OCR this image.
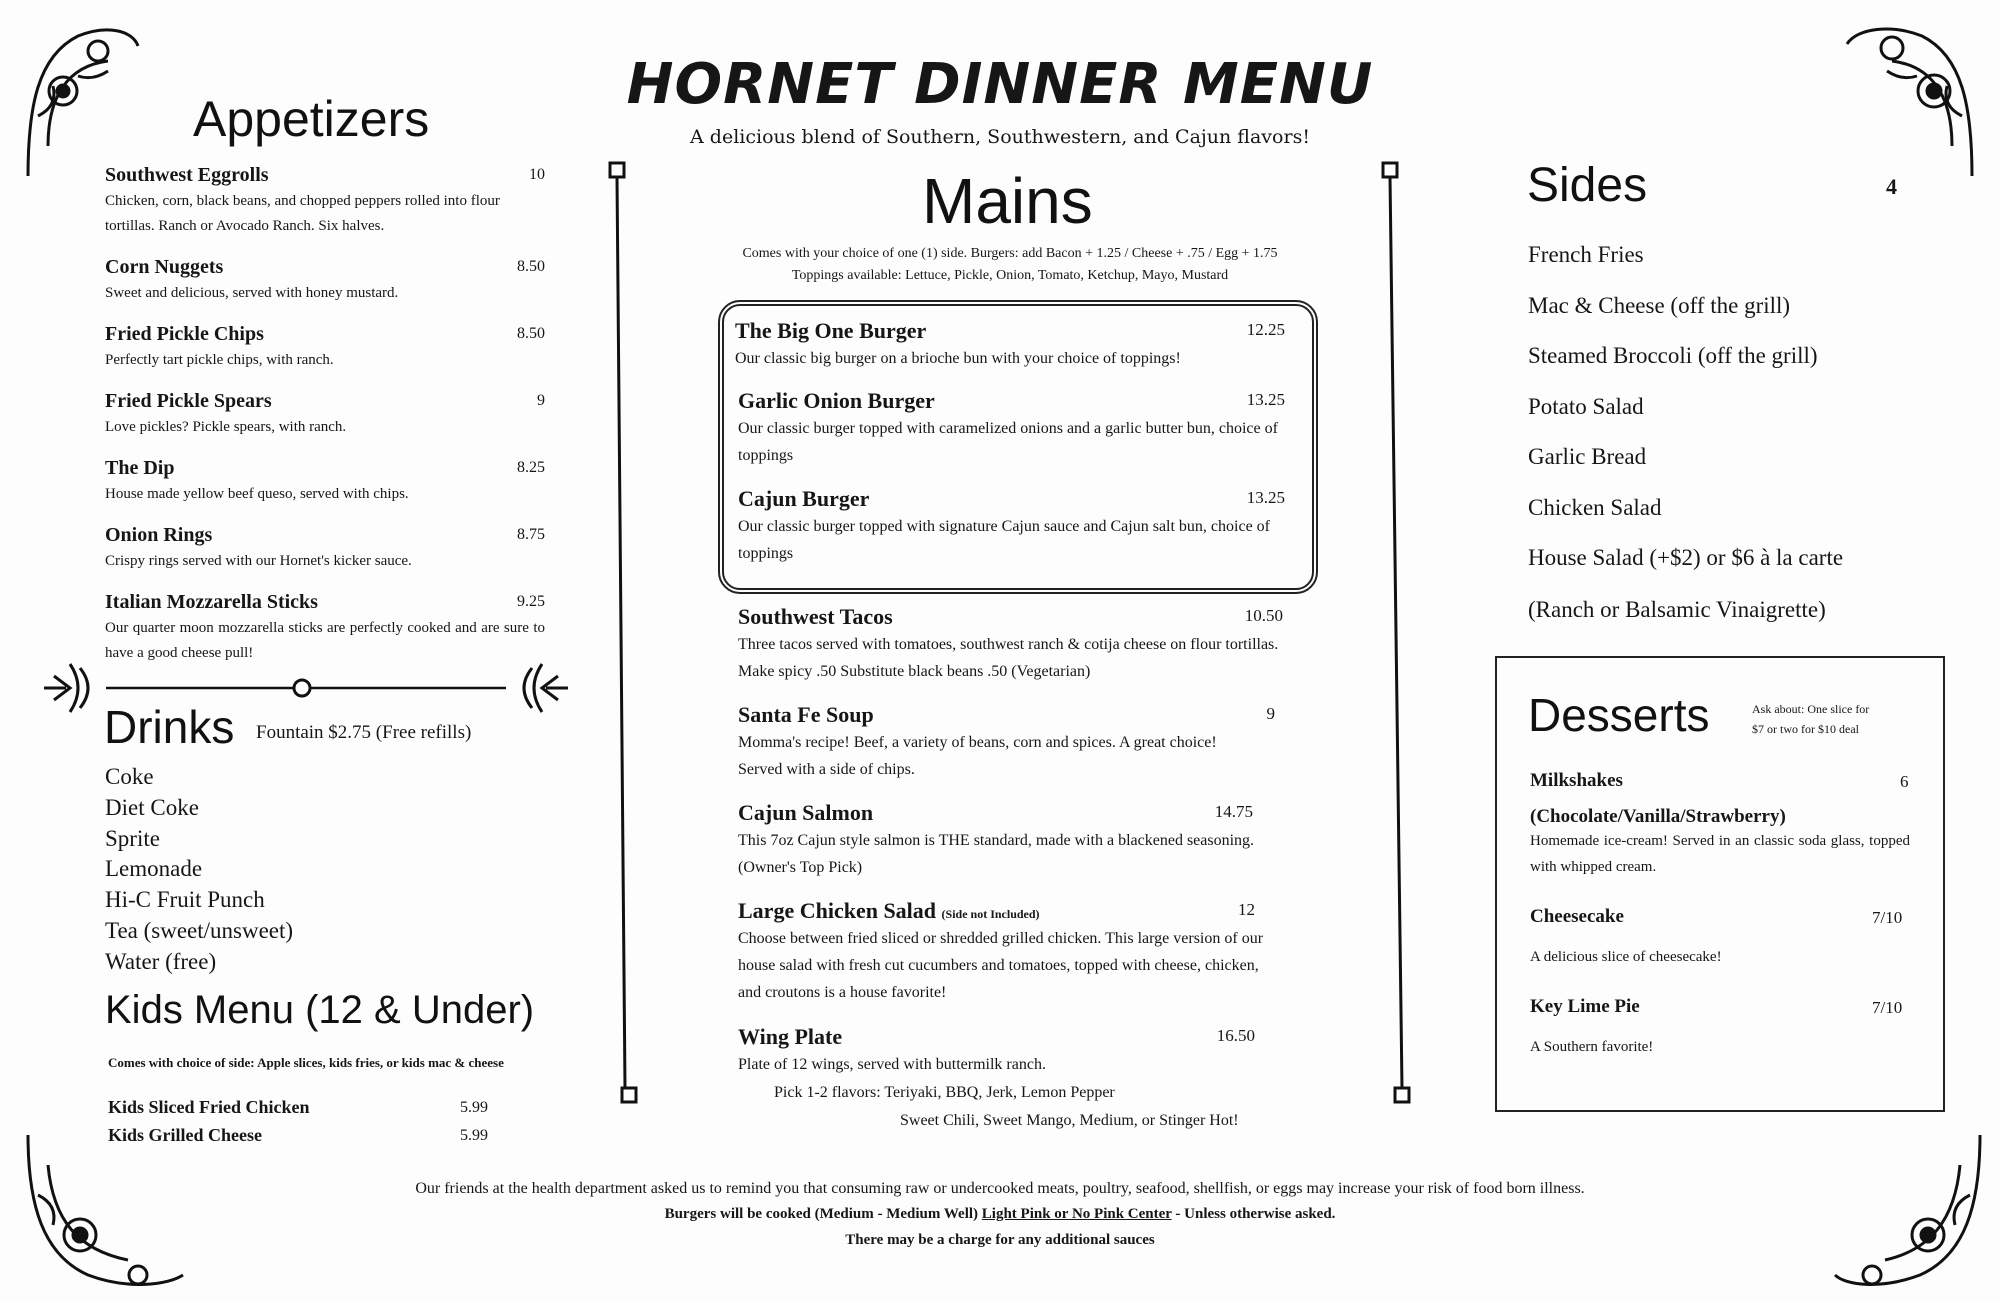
HORNET DINNER MENU
A delicious blend of Southern, Southwestern, and Cajun flavors!
Appetizers
Southwest Eggrolls	10
Chicken, corn, black beans, and chopped peppers rolled into flour tortillas. Ranch or Avocado Ranch. Six halves.
Corn Nuggets	8.50
Sweet and delicious, served with honey mustard.
Fried Pickle Chips	8.50
Perfectly tart pickle chips, with ranch.
Fried Pickle Spears	9
Love pickles? Pickle spears, with ranch.
The Dip	8.25
House made yellow beef queso, served with chips.
Onion Rings	8.75
Crispy rings served with our Hornet's kicker sauce.
Italian Mozzarella Sticks	9.25
Our quarter moon mozzarella sticks are perfectly cooked and are sure to have a good cheese pull!
Drinks Fountain $2.75 (Free refills)
Coke
Diet Coke
Sprite
Lemonade
Hi-C Fruit Punch
Tea (sweet/unsweet)
Water (free)
Kids Menu (12 & Under)
Comes with choice of side: Apple slices, kids fries, or kids mac & cheese
Kids Sliced Fried Chicken	5.99
Kids Grilled Cheese	5.99
Mains
Comes with your choice of one (1) side. Burgers: add Bacon + 1.25 / Cheese + .75 / Egg + 1.75
Toppings available: Lettuce, Pickle, Onion, Tomato, Ketchup, Mayo, Mustard
The Big One Burger	12.25
Our classic big burger on a brioche bun with your choice of toppings!
Garlic Onion Burger	13.25
Our classic burger topped with caramelized onions and a garlic butter bun, choice of toppings
Cajun Burger	13.25
Our classic burger topped with signature Cajun sauce and Cajun salt bun, choice of toppings
Southwest Tacos	10.50
Three tacos served with tomatoes, southwest ranch & cotija cheese on flour tortillas. Make spicy .50 Substitute black beans .50 (Vegetarian)
Santa Fe Soup	9
Momma's recipe! Beef, a variety of beans, corn and spices. A great choice! Served with a side of chips.
Cajun Salmon	14.75
This 7oz Cajun style salmon is THE standard, made with a blackened seasoning. (Owner's Top Pick)
Large Chicken Salad (Side not Included)	12
Choose between fried sliced or shredded grilled chicken. This large version of our house salad with fresh cut cucumbers and tomatoes, topped with cheese, chicken, and croutons is a house favorite!
Wing Plate	16.50
Plate of 12 wings, served with buttermilk ranch.
Pick 1-2 flavors: Teriyaki, BBQ, Jerk, Lemon Pepper
Sweet Chili, Sweet Mango, Medium, or Stinger Hot!
Sides	4
French Fries
Mac & Cheese (off the grill)
Steamed Broccoli (off the grill)
Potato Salad
Garlic Bread
Chicken Salad
House Salad (+$2) or $6 à la carte
(Ranch or Balsamic Vinaigrette)
Desserts	Ask about: One slice for
$7 or two for $10 deal
Milkshakes	6
(Chocolate/Vanilla/Strawberry)
Homemade ice-cream! Served in an classic soda glass, topped with whipped cream.
Cheesecake	7/10
A delicious slice of cheesecake!
Key Lime Pie	7/10
A Southern favorite!
Our friends at the health department asked us to remind you that consuming raw or undercooked meats, poultry, seafood, shellfish, or eggs may increase your risk of food born illness.
Burgers will be cooked (Medium - Medium Well) Light Pink or No Pink Center - Unless otherwise asked.
There may be a charge for any additional sauces
